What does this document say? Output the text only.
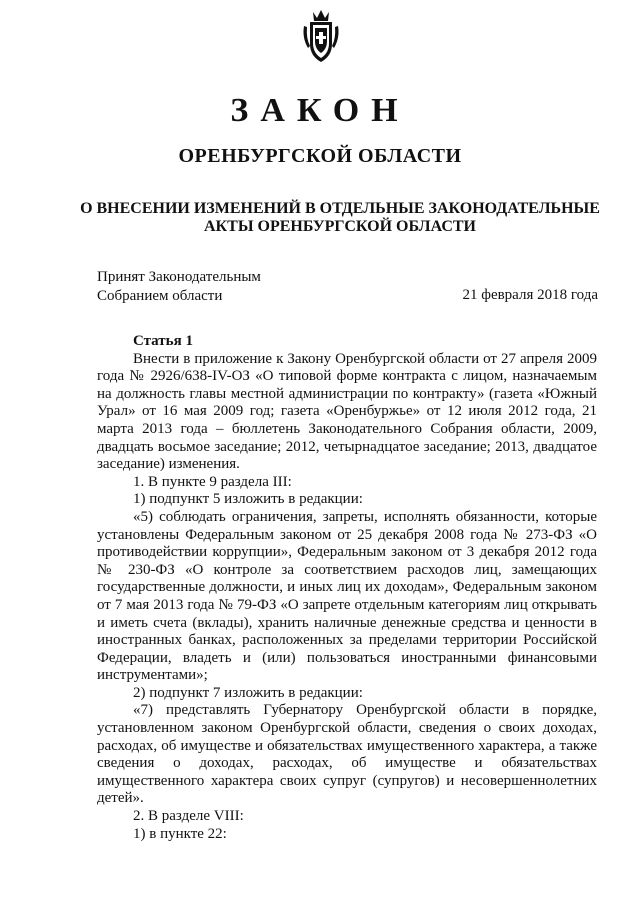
ЗАКОН
ОРЕНБУРГСКОЙ ОБЛАСТИ
О ВНЕСЕНИИ ИЗМЕНЕНИЙ В ОТДЕЛЬНЫЕ ЗАКОНОДАТЕЛЬНЫЕ
АКТЫ ОРЕНБУРГСКОЙ ОБЛАСТИ
Принят Законодательным
Собранием области	21 февраля 2018 года

Статья 1

Внести в приложение к Закону Оренбургской области от 27 апреля 2009 года № 2926/638-IV-ОЗ «О типовой форме контракта с лицом, назначаемым на должность главы местной администрации по контракту» (газета «Южный Урал» от 16 мая 2009 год; газета «Оренбуржье» от 12 июля 2012 года, 21 марта 2013 года – бюллетень Законодательного Собрания области, 2009, двадцать восьмое заседание; 2012, четырнадцатое заседание; 2013, двадцатое заседание) изменения.

1. В пункте 9 раздела III:

1) подпункт 5 изложить в редакции:

«5) соблюдать ограничения, запреты, исполнять обязанности, которые установлены Федеральным законом от 25 декабря 2008 года № 273-ФЗ «О противодействии коррупции», Федеральным законом от 3 декабря 2012 года № 230-ФЗ «О контроле за соответствием расходов лиц, замещающих государственные должности, и иных лиц их доходам», Федеральным законом от 7 мая 2013 года № 79-ФЗ «О запрете отдельным категориям лиц открывать и иметь счета (вклады), хранить наличные денежные средства и ценности в иностранных банках, расположенных за пределами территории Российской Федерации, владеть и (или) пользоваться иностранными финансовыми инструментами»;

2) подпункт 7 изложить в редакции:

«7) представлять Губернатору Оренбургской области в порядке, установленном законом Оренбургской области, сведения о своих доходах, расходах, об имуществе и обязательствах имущественного характера, а также сведения о доходах, расходах, об имуществе и обязательствах имущественного характера своих супруг (супругов) и несовершеннолетних детей».

2. В разделе VIII:

1) в пункте 22:
